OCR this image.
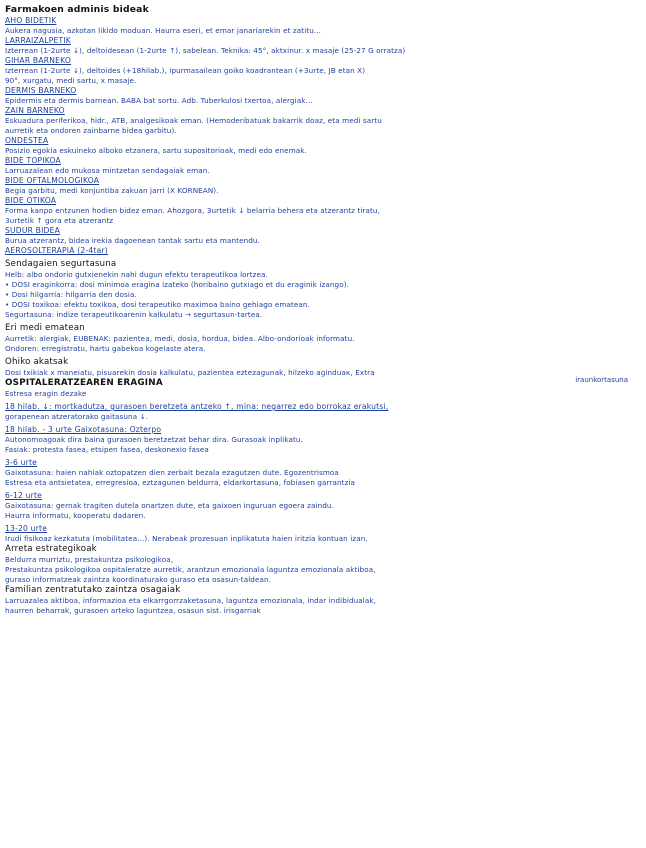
Farmakoen adminis bideak
AHO BIDETIK
Aukera nagusia, azkotan likido moduan. Haurra eseri, et emar janariarekin et zatitu...
LARRAIZALPETIK
Izterrean (1-2urte ↓), deltoidesean (1-2urte ↑), sabelean. Teknika: 45°, aktxinur. x masaje (25-27 G orratza)
GIHAR BARNEKO
Izterrean (1-2urte ↓), deltoides (+18hilab.), ipurmasailean goiko koadrantean (+3urte, JB etan X)
90°, xurgatu, medi sartu, x masaje.
DERMIS BARNEKO
Epidermis eta dermis barnean. BABA bat sortu. Adb. Tuberkulosi txertoa, alergiak...
ZAIN BARNEKO
Eskuadura periferikoa, hidr., ATB, analgesikoak eman. (Hemoderibatuak bakarrik doaz, eta medi sartu
aurretik eta ondoren zainbarne bidea garbitu).
ONDESTEA
Posizio egokia eskuineko alboko etzanera, sartu supositorioak, medi edo enemak.
BIDE TOPIKOA
Larruazalean edo mukosa mintzetan sendagaiak eman.
BIDE OFTALMOLOGIKOA
Begia garbitu, medi konjuntiba zakuan jarri (X KORNEAN).
BIDE OTIKOA
Forma kanpo entzunen hodien bidez eman. Ahozgora, 3urtetik ↓ belarria behera eta atzerantz tiratu,
3urtetik ↑ gora eta atzerantz
SUDUR BIDEA
Burua atzerantz, bidea irekia dagoenean tantak sartu eta mantendu.
AEROSOLTERAPIA (2-4tar)
Sendagaien segurtasuna
Helb: albo ondorio gutxienekin nahi dugun efektu terapeutikoa lortzea.
• DOSI eraginkorra: dosi minimoa eragina izateko (horibaino gutxiago et du eraginik izango).
• Dosi hilgarria: hilgarria den dosia.
• DOSI toxikoa: efektu toxikoa, dosi terapeutiko maximoa baino gehiago ematean.
Segurtasuna: indize terapeutikoarenin kalkulatu → segurtasun-tarteа.
Eri medi ematean
Aurretik: alergiak, EUBENAK: pazientea, medi, dosia, hordua, bidea. Albo-ondorioak informatu.
Ondoren: erregistratu, hartu gabekoa kogelaste atera.
Ohiko akatsak
Dosi txikiak x maneiatu, pisuarekin dosia kalkulatu, pazientea eztezagunak, hilzeko aginduaк, Extra
iraunkortasuna
OSPITALERATZEAREN ERAGINA
Estresa eragin dezake
18 hilab. ↓: mortkadutza, gurasoen beretzeta antzeko ↑, mina: negarrez edo borrokaz erakutsi,
gorapenean atzeratorako gaitasuna ↓.
18 hilab. - 3 urte Gaixotasuna: Ozterpo
Autonomoagoak dira baina gurasoen beretzetzat behar dira. Gurasoak inplikatu.
Fasiak: protesta fasea, etsipen fasea, deskonexio fasea
3-6 urte
Gaixotasuna: haien nahiak oztopatzen dien zerbait bezala ezagutzen dute. Egozentrismoa
Estresa eta antsietatea, erregresioa, eztzagunen beldurra, eldarkortasuna, fobiasen garrantzia
6-12 urte
Gaixotasuna: gernak tragiten dutela onartzen dute, eta gaixoen inguruan egoera zaindu.
Haurra informatu, kooperatu dadaren.
13-20 urte
Irudi fisikoaz kezkatuta (mobilitatea...). Nerabeak prozesuan inplikatuta haien iritzia kontuan izan.
Arreta estrategikoak
Beldurra murriztu, prestakuntza psikologikoa,
Prestakuntza psikologikoa ospitaleratze aurretik, arantzun emozionala laguntza emozionala aktiboa,
guraso informatzeak zaintza koordinaturako guraso eta osasun-taldean.
Familian zentratutako zaintza osagaiak
Larruazalea aktiboa, informazioa eta elkarrgorrzaketasuna, laguntza emozionala, indar indibidualak,
haurren beharrak, gurasoen arteko laguntzea, osasun sist. irisgarriak
